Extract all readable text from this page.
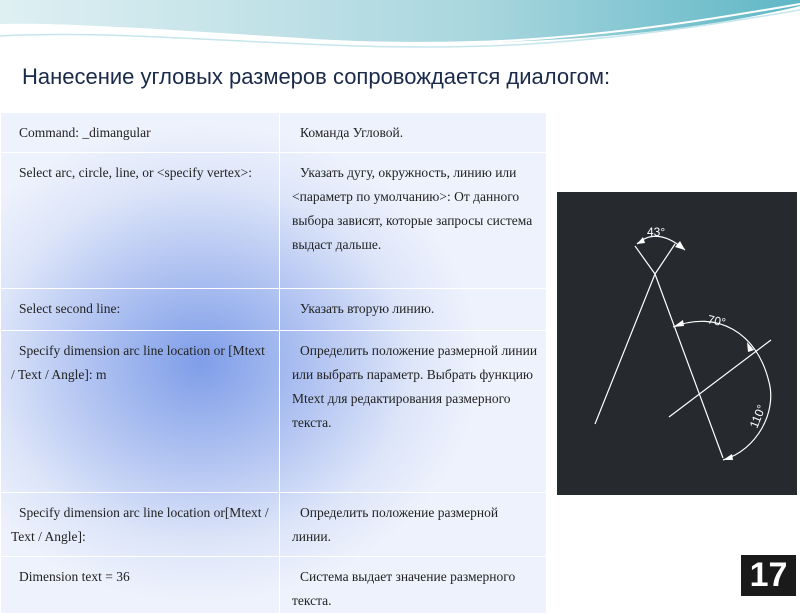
Нанесение угловых размеров сопровождается диалогом:
Command: _dimangular	Команда Угловой.
Select arc, circle, line, or <specify vertex>:	Указать дугу, окружность, линию или <параметр по умолчанию>: От данного выбора зависят, которые запросы система выдаст дальше.
Select second line:	Указать вторую линию.
Specify dimension arc line location or [Mtext / Text / Angle]: m	Определить положение размерной линии или выбрать параметр. Выбрать функцию Mtext для редактирования размерного текста.
Specify dimension arc line location or[Mtext / Text / Angle]:	Определить положение размерной линии.
Dimension text = 36	Система выдает значение размерного текста.
43°
70°
110°
17
